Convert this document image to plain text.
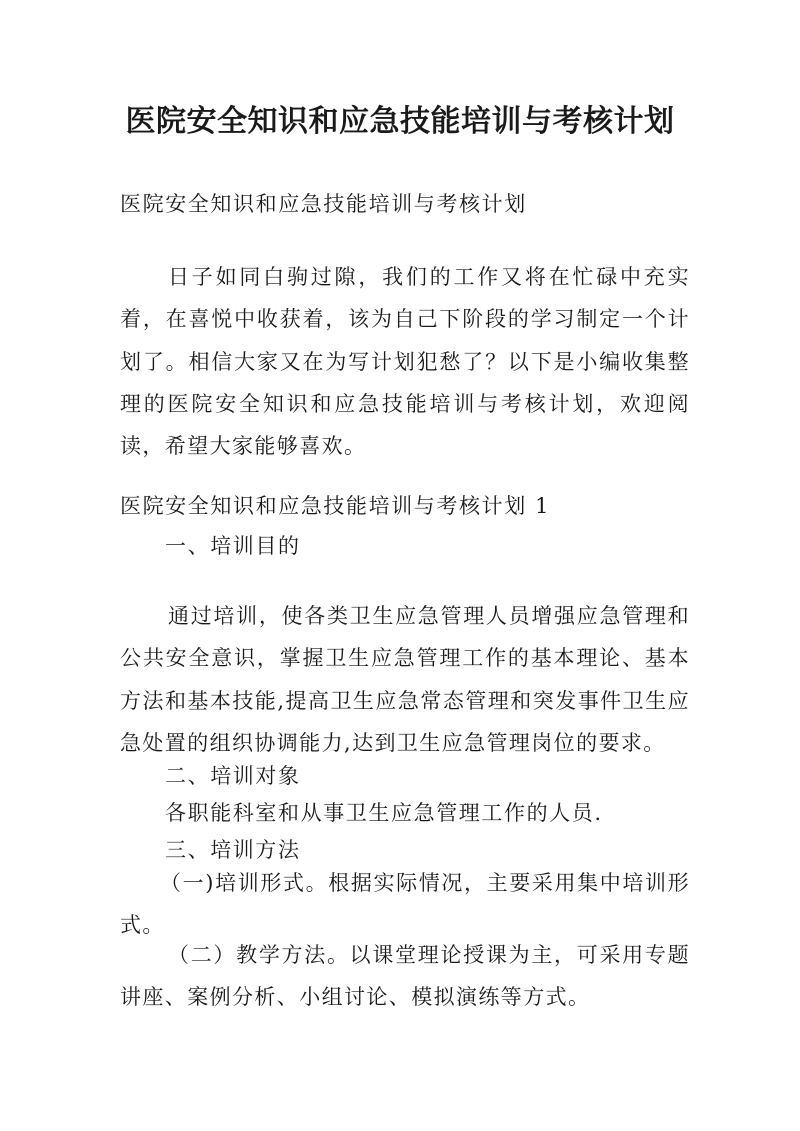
医院安全知识和应急技能培训与考核计划

医院安全知识和应急技能培训与考核计划

日子如同白驹过隙，我们的工作又将在忙碌中充实着，在喜悦中收获着，该为自己下阶段的学习制定一个计划了。相信大家又在为写计划犯愁了？以下是小编收集整理的医院安全知识和应急技能培训与考核计划，欢迎阅读，希望大家能够喜欢。

医院安全知识和应急技能培训与考核计划 1

一、培训目的

通过培训，使各类卫生应急管理人员增强应急管理和公共安全意识，掌握卫生应急管理工作的基本理论、基本方法和基本技能,提高卫生应急常态管理和突发事件卫生应急处置的组织协调能力,达到卫生应急管理岗位的要求。

二、培训对象

各职能科室和从事卫生应急管理工作的人员.

三、培训方法

（一)培训形式。根据实际情况，主要采用集中培训形式。

（二）教学方法。以课堂理论授课为主，可采用专题讲座、案例分析、小组讨论、模拟演练等方式。
